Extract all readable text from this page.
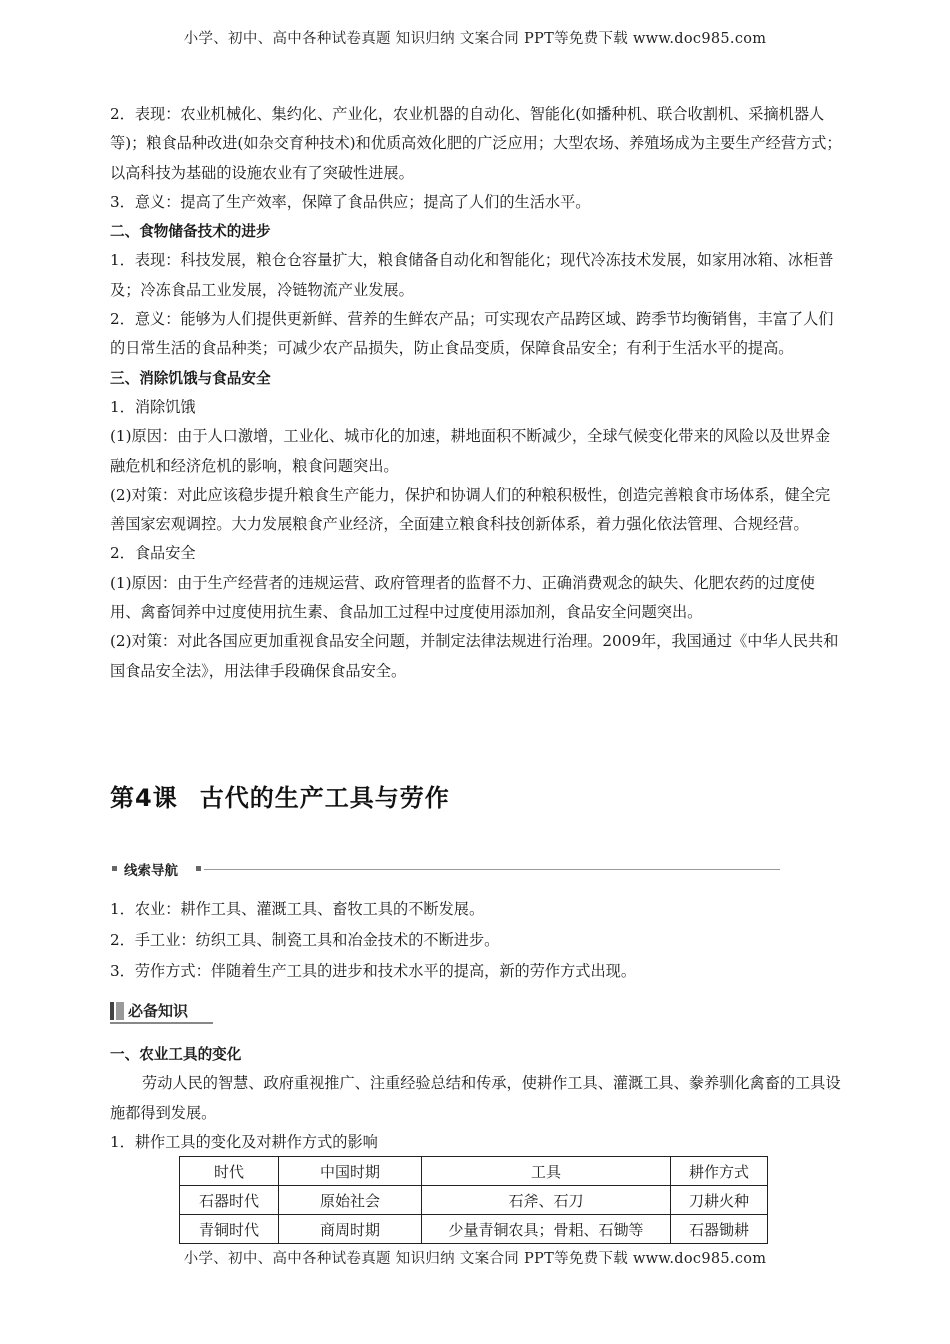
小学、初中、高中各种试卷真题 知识归纳 文案合同 PPT等免费下载 www.doc985.com

2．表现：农业机械化、集约化、产业化，农业机器的自动化、智能化(如播种机、联合收割机、采摘机器人等)；粮食品种改进(如杂交育种技术)和优质高效化肥的广泛应用；大型农场、养殖场成为主要生产经营方式；以高科技为基础的设施农业有了突破性进展。

3．意义：提高了生产效率，保障了食品供应；提高了人们的生活水平。

二、食物储备技术的进步

1．表现：科技发展，粮仓仓容量扩大，粮食储备自动化和智能化；现代冷冻技术发展，如家用冰箱、冰柜普及；冷冻食品工业发展，冷链物流产业发展。

2．意义：能够为人们提供更新鲜、营养的生鲜农产品；可实现农产品跨区域、跨季节均衡销售，丰富了人们的日常生活的食品种类；可减少农产品损失，防止食品变质，保障食品安全；有利于生活水平的提高。

三、消除饥饿与食品安全

1．消除饥饿

(1)原因：由于人口激增，工业化、城市化的加速，耕地面积不断减少，全球气候变化带来的风险以及世界金融危机和经济危机的影响，粮食问题突出。

(2)对策：对此应该稳步提升粮食生产能力，保护和协调人们的种粮积极性，创造完善粮食市场体系，健全完善国家宏观调控。大力发展粮食产业经济，全面建立粮食科技创新体系，着力强化依法管理、合规经营。

2．食品安全

(1)原因：由于生产经营者的违规运营、政府管理者的监督不力、正确消费观念的缺失、化肥农药的过度使用、禽畜饲养中过度使用抗生素、食品加工过程中过度使用添加剂，食品安全问题突出。

(2)对策：对此各国应更加重视食品安全问题，并制定法律法规进行治理。2009年，我国通过《中华人民共和国食品安全法》，用法律手段确保食品安全。

第4课 古代的生产工具与劳作
线索导航

1．农业：耕作工具、灌溉工具、畜牧工具的不断发展。

2．手工业：纺织工具、制瓷工具和冶金技术的不断进步。

3．劳作方式：伴随着生产工具的进步和技术水平的提高，新的劳作方式出现。

必备知识

一、农业工具的变化

劳动人民的智慧、政府重视推广、注重经验总结和传承，使耕作工具、灌溉工具、豢养驯化禽畜的工具设施都得到发展。

1．耕作工具的变化及对耕作方式的影响

时代	中国时期	工具	耕作方式
石器时代	原始社会	石斧、石刀	刀耕火种
青铜时代	商周时期	少量青铜农具；骨耜、石锄等	石器锄耕
小学、初中、高中各种试卷真题 知识归纳 文案合同 PPT等免费下载 www.doc985.com
